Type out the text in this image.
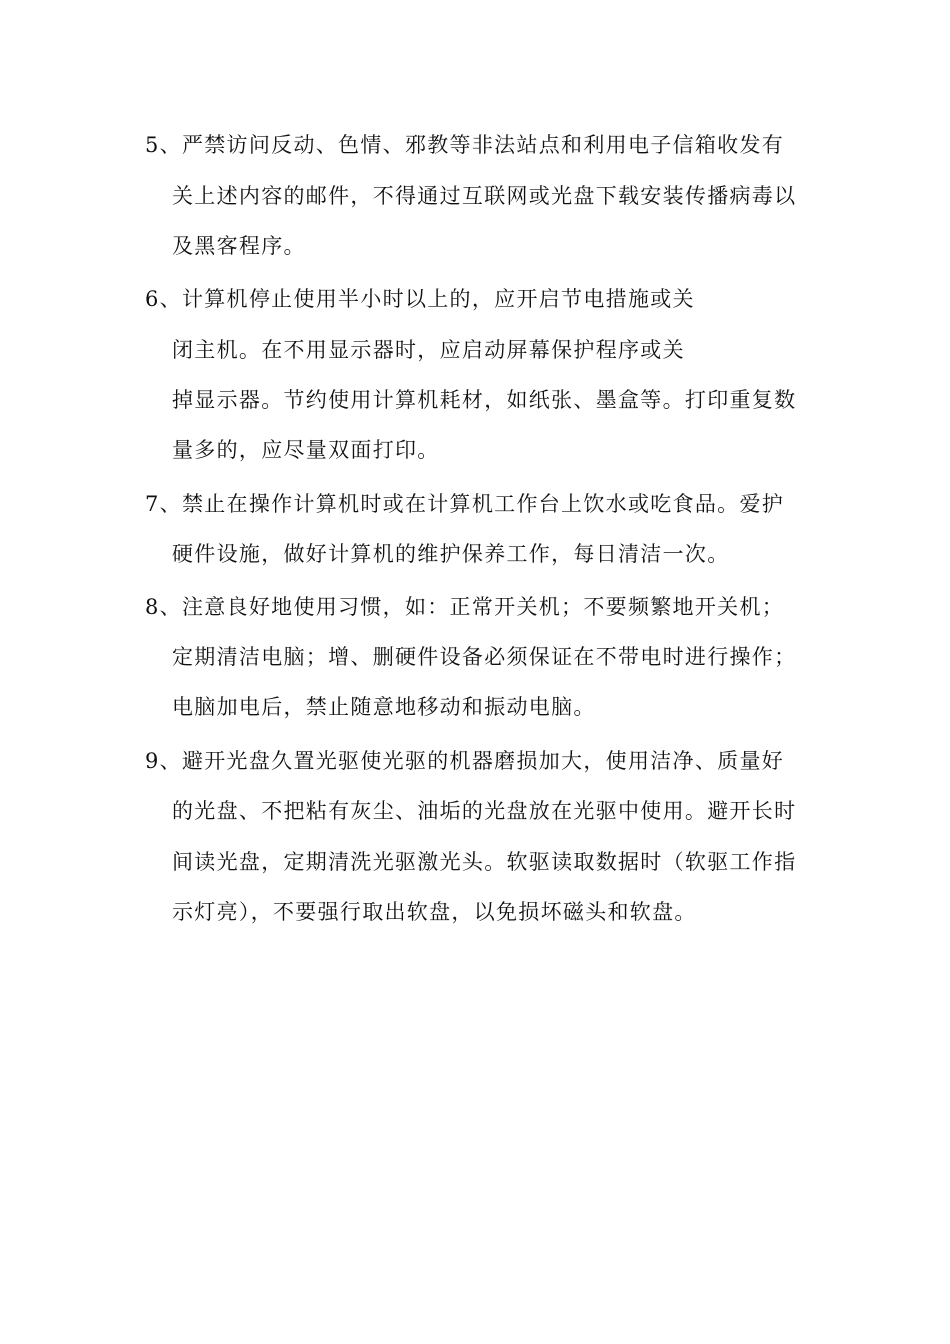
5、严禁访问反动、色情、邪教等非法站点和利用电子信箱收发有
关上述内容的邮件，不得通过互联网或光盘下载安装传播病毒以
及黑客程序。
6、计算机停止使用半小时以上的，应开启节电措施或关
闭主机。在不用显示器时，应启动屏幕保护程序或关
掉显示器。节约使用计算机耗材，如纸张、墨盒等。打印重复数
量多的，应尽量双面打印。
7、禁止在操作计算机时或在计算机工作台上饮水或吃食品。爱护
硬件设施，做好计算机的维护保养工作，每日清洁一次。
8、注意良好地使用习惯，如：正常开关机；不要频繁地开关机；
定期清洁电脑；增、删硬件设备必须保证在不带电时进行操作；
电脑加电后，禁止随意地移动和振动电脑。
9、避开光盘久置光驱使光驱的机器磨损加大，使用洁净、质量好
的光盘、不把粘有灰尘、油垢的光盘放在光驱中使用。避开长时
间读光盘，定期清洗光驱激光头。软驱读取数据时（软驱工作指
示灯亮），不要强行取出软盘，以免损坏磁头和软盘。
